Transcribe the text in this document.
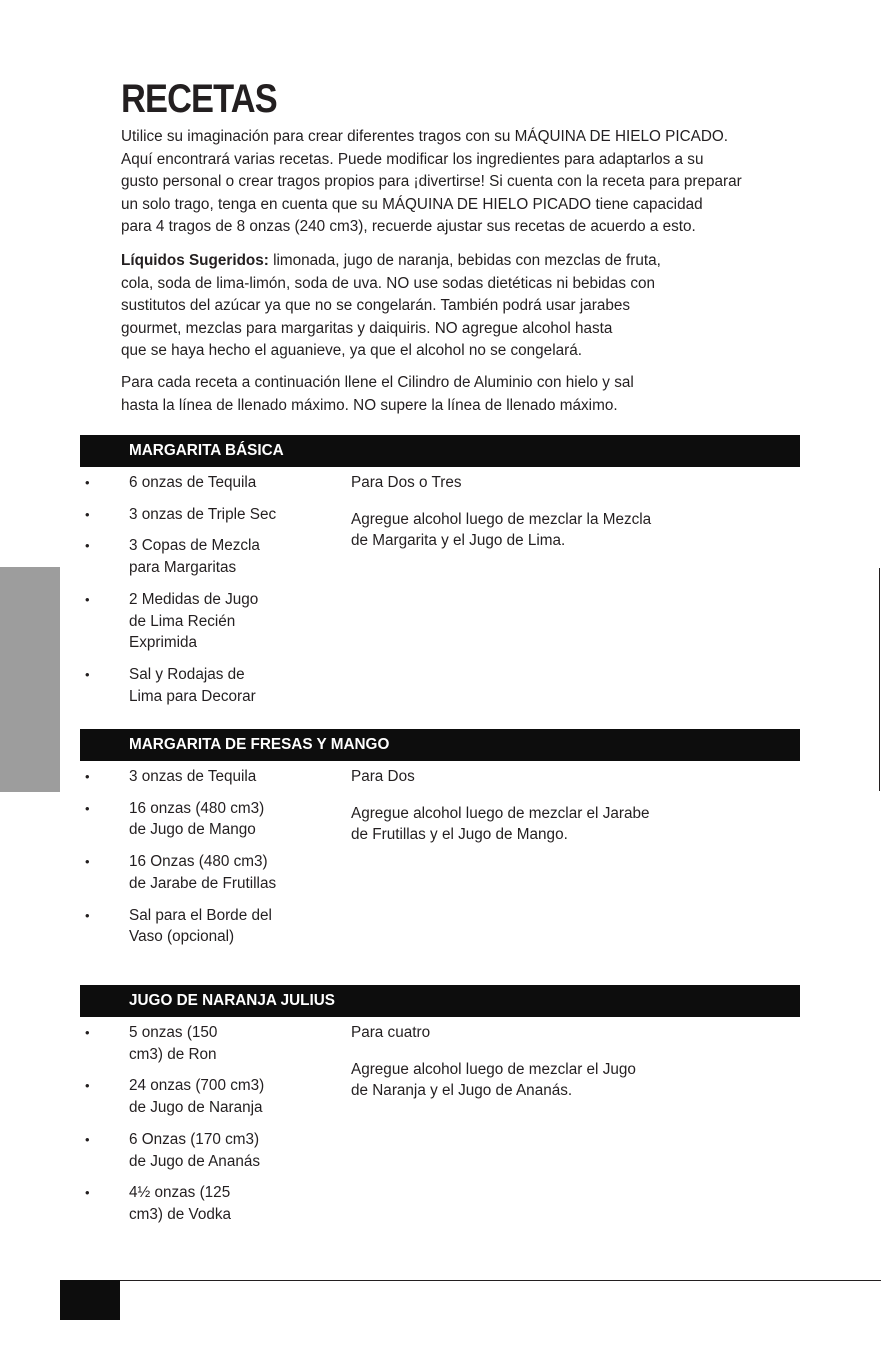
RECETAS

Utilice su imaginación para crear diferentes tragos con su MÁQUINA DE HIELO PICADO.
Aquí encontrará varias recetas. Puede modificar los ingredientes para adaptarlos a su
gusto personal o crear tragos propios para ¡divertirse! Si cuenta con la receta para preparar
un solo trago, tenga en cuenta que su MÁQUINA DE HIELO PICADO tiene capacidad
para 4 tragos de 8 onzas (240 cm3), recuerde ajustar sus recetas de acuerdo a esto.

Líquidos Sugeridos: limonada, jugo de naranja, bebidas con mezclas de fruta,
cola, soda de lima-limón, soda de uva. NO use sodas dietéticas ni bebidas con
sustitutos del azúcar ya que no se congelarán. También podrá usar jarabes
gourmet, mezclas para margaritas y daiquiris. NO agregue alcohol hasta
que se haya hecho el aguanieve, ya que el alcohol no se congelará.

Para cada receta a continuación llene el Cilindro de Aluminio con hielo y sal
hasta la línea de llenado máximo. NO supere la línea de llenado máximo.

MARGARITA BÁSICA
•	6 onzas de Tequila
•	3 onzas de Triple Sec
•	3 Copas de Mezcla
para Margaritas
•	2 Medidas de Jugo
de Lima Recién
Exprimida
•	Sal y Rodajas de
Lima para Decorar

Para Dos o Tres

Agregue alcohol luego de mezclar la Mezcla
de Margarita y el Jugo de Lima.

MARGARITA DE FRESAS Y MANGO
•	3 onzas de Tequila
•	16 onzas (480 cm3)
de Jugo de Mango
•	16 Onzas (480 cm3)
de Jarabe de Frutillas
•	Sal para el Borde del
Vaso (opcional)

Para Dos

Agregue alcohol luego de mezclar el Jarabe
de Frutillas y el Jugo de Mango.

JUGO DE NARANJA JULIUS
•	5 onzas (150
cm3) de Ron
•	24 onzas (700 cm3)
de Jugo de Naranja
•	6 Onzas (170 cm3)
de Jugo de Ananás
•	4½ onzas (125
cm3) de Vodka

Para cuatro

Agregue alcohol luego de mezclar el Jugo
de Naranja y el Jugo de Ananás.
